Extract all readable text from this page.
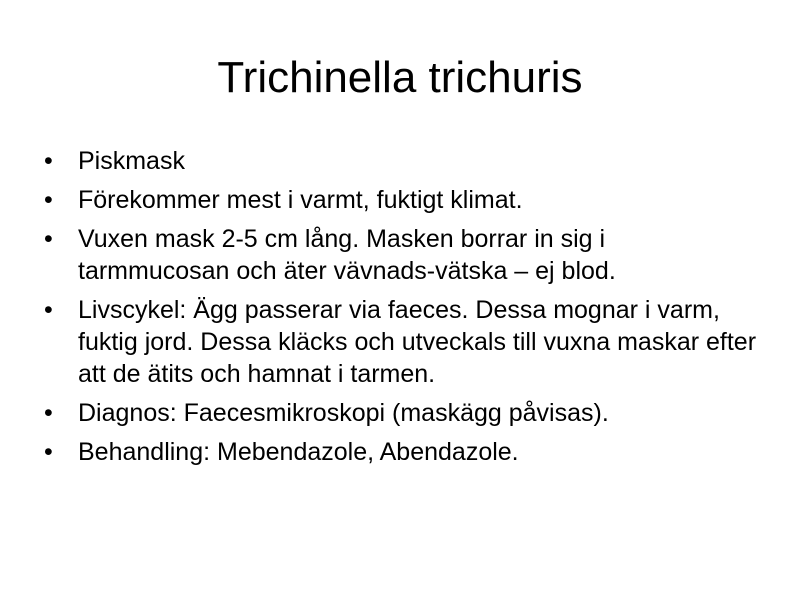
Trichinella trichuris
• Piskmask
• Förekommer mest i varmt, fuktigt klimat.
• Vuxen mask 2-5 cm lång. Masken borrar in sig i tarmmucosan och äter vävnads-vätska – ej blod.
• Livscykel: Ägg passerar via faeces. Dessa mognar i varm, fuktig jord. Dessa kläcks och utveckals till vuxna maskar efter att de ätits och hamnat i tarmen.
• Diagnos: Faecesmikroskopi (maskägg påvisas).
• Behandling: Mebendazole, Abendazole.
